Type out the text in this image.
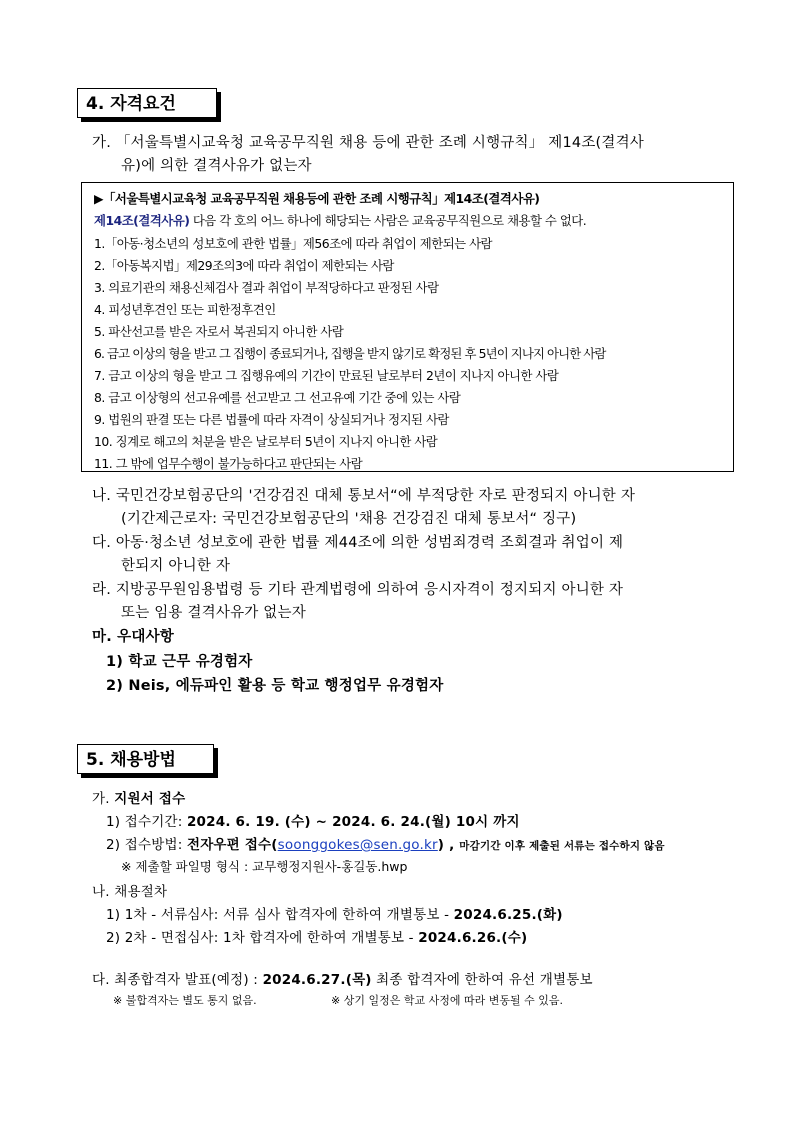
4. 자격요건
가. 「서울특별시교육청 교육공무직원 채용 등에 관한 조례 시행규칙」 제14조(결격사
유)에 의한 결격사유가 없는자
▶「서울특별시교육청 교육공무직원 채용등에 관한 조례 시행규칙」제14조(결격사유)
제14조(결격사유) 다음 각 호의 어느 하나에 해당되는 사람은 교육공무직원으로 채용할 수 없다.
1.「아동·청소년의 성보호에 관한 법률」제56조에 따라 취업이 제한되는 사람
2.「아동복지법」제29조의3에 따라 취업이 제한되는 사람
3. 의료기관의 채용신체검사 결과 취업이 부적당하다고 판정된 사람
4. 피성년후견인 또는 피한정후견인
5. 파산선고를 받은 자로서 복권되지 아니한 사람
6. 금고 이상의 형을 받고 그 집행이 종료되거나, 집행을 받지 않기로 확정된 후 5년이 지나지 아니한 사람
7. 금고 이상의 형을 받고 그 집행유예의 기간이 만료된 날로부터 2년이 지나지 아니한 사람
8. 금고 이상형의 선고유예를 선고받고 그 선고유예 기간 중에 있는 사람
9. 법원의 판결 또는 다른 법률에 따라 자격이 상실되거나 정지된 사람
10. 징계로 해고의 처분을 받은 날로부터 5년이 지나지 아니한 사람
11. 그 밖에 업무수행이 불가능하다고 판단되는 사람
나. 국민건강보험공단의 '건강검진 대체 통보서“에 부적당한 자로 판정되지 아니한 자
(기간제근로자: 국민건강보험공단의 '채용 건강검진 대체 통보서“ 징구)
다. 아동·청소년 성보호에 관한 법률 제44조에 의한 성범죄경력 조회결과 취업이 제
한되지 아니한 자
라. 지방공무원임용법령 등 기타 관계법령에 의하여 응시자격이 정지되지 아니한 자
또는 임용 결격사유가 없는자
마. 우대사항
1) 학교 근무 유경험자
2) Neis, 에듀파인 활용 등 학교 행정업무 유경험자
5. 채용방법
가. 지원서 접수
1) 접수기간: 2024. 6. 19. (수) ~ 2024. 6. 24.(월) 10시 까지
2) 접수방법: 전자우편 접수(soonggokes@sen.go.kr) , 마감기간 이후 제출된 서류는 접수하지 않음
※ 제출할 파일명 형식 : 교무행정지원사-홍길동.hwp
나. 채용절차
1) 1차 - 서류심사: 서류 심사 합격자에 한하여 개별통보 - 2024.6.25.(화)
2) 2차 - 면접심사: 1차 합격자에 한하여 개별통보 - 2024.6.26.(수)
다. 최종합격자 발표(예정) : 2024.6.27.(목) 최종 합격자에 한하여 유선 개별통보
※ 불합격자는 별도 통지 없음.	※ 상기 일정은 학교 사정에 따라 변동될 수 있음.
